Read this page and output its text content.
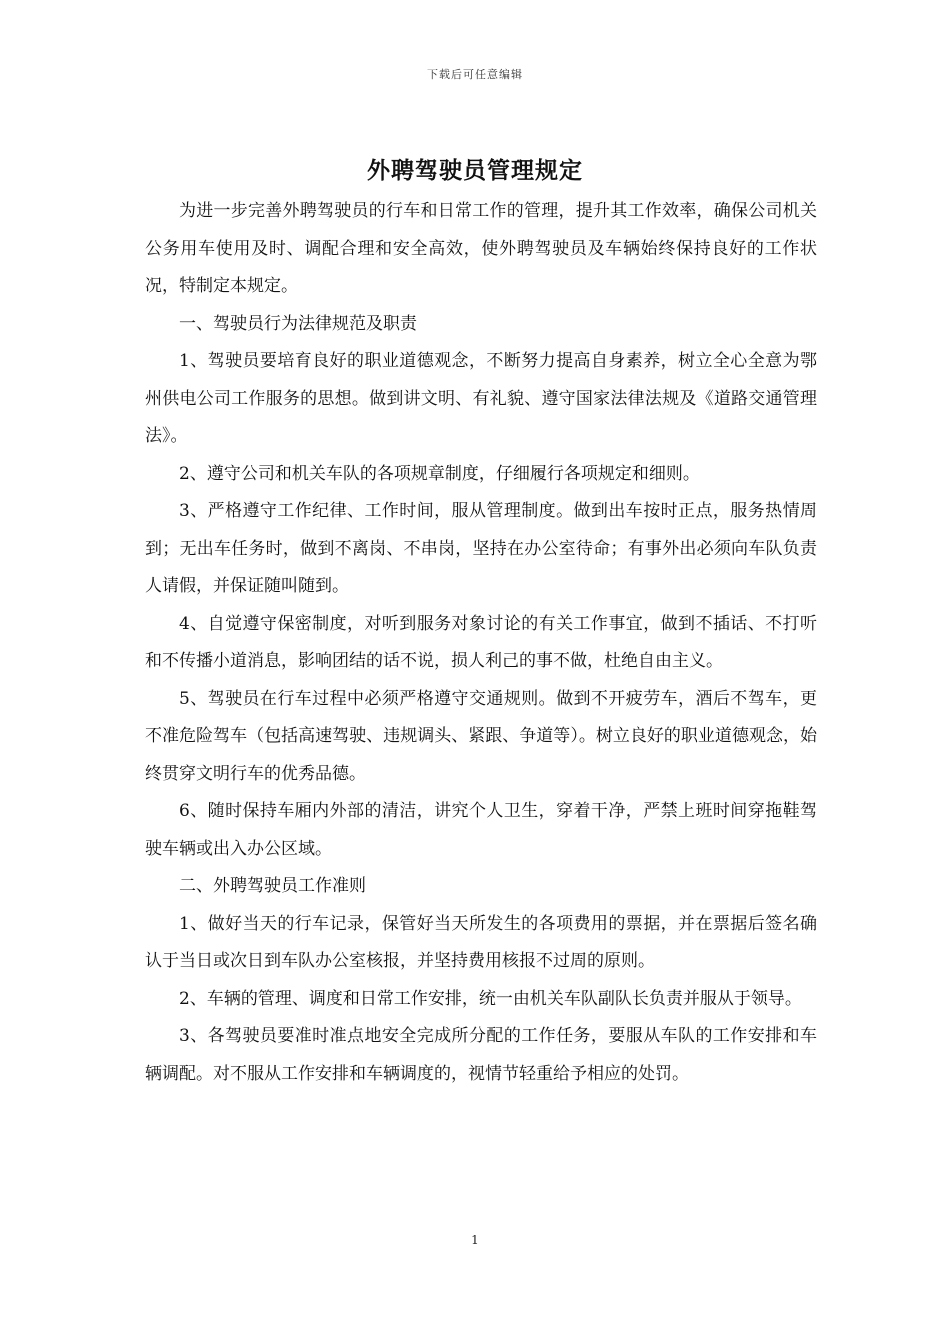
下载后可任意编辑
外聘驾驶员管理规定

为进一步完善外聘驾驶员的行车和日常工作的管理，提升其工作效率，确保公司机关公务用车使用及时、调配合理和安全高效，使外聘驾驶员及车辆始终保持良好的工作状况，特制定本规定。

一、驾驶员行为法律规范及职责

1、驾驶员要培育良好的职业道德观念，不断努力提高自身素养，树立全心全意为鄂州供电公司工作服务的思想。做到讲文明、有礼貌、遵守国家法律法规及《道路交通管理法》。

2、遵守公司和机关车队的各项规章制度，仔细履行各项规定和细则。

3、严格遵守工作纪律、工作时间，服从管理制度。做到出车按时正点，服务热情周到；无出车任务时，做到不离岗、不串岗，坚持在办公室待命；有事外出必须向车队负责人请假，并保证随叫随到。

4、自觉遵守保密制度，对听到服务对象讨论的有关工作事宜，做到不插话、不打听和不传播小道消息，影响团结的话不说，损人利己的事不做，杜绝自由主义。

5、驾驶员在行车过程中必须严格遵守交通规则。做到不开疲劳车，酒后不驾车，更不准危险驾车（包括高速驾驶、违规调头、紧跟、争道等）。树立良好的职业道德观念，始终贯穿文明行车的优秀品德。

6、随时保持车厢内外部的清洁，讲究个人卫生，穿着干净，严禁上班时间穿拖鞋驾驶车辆或出入办公区域。

二、外聘驾驶员工作准则

1、做好当天的行车记录，保管好当天所发生的各项费用的票据，并在票据后签名确认于当日或次日到车队办公室核报，并坚持费用核报不过周的原则。

2、车辆的管理、调度和日常工作安排，统一由机关车队副队长负责并服从于领导。

3、各驾驶员要准时准点地安全完成所分配的工作任务，要服从车队的工作安排和车辆调配。对不服从工作安排和车辆调度的，视情节轻重给予相应的处罚。

1
